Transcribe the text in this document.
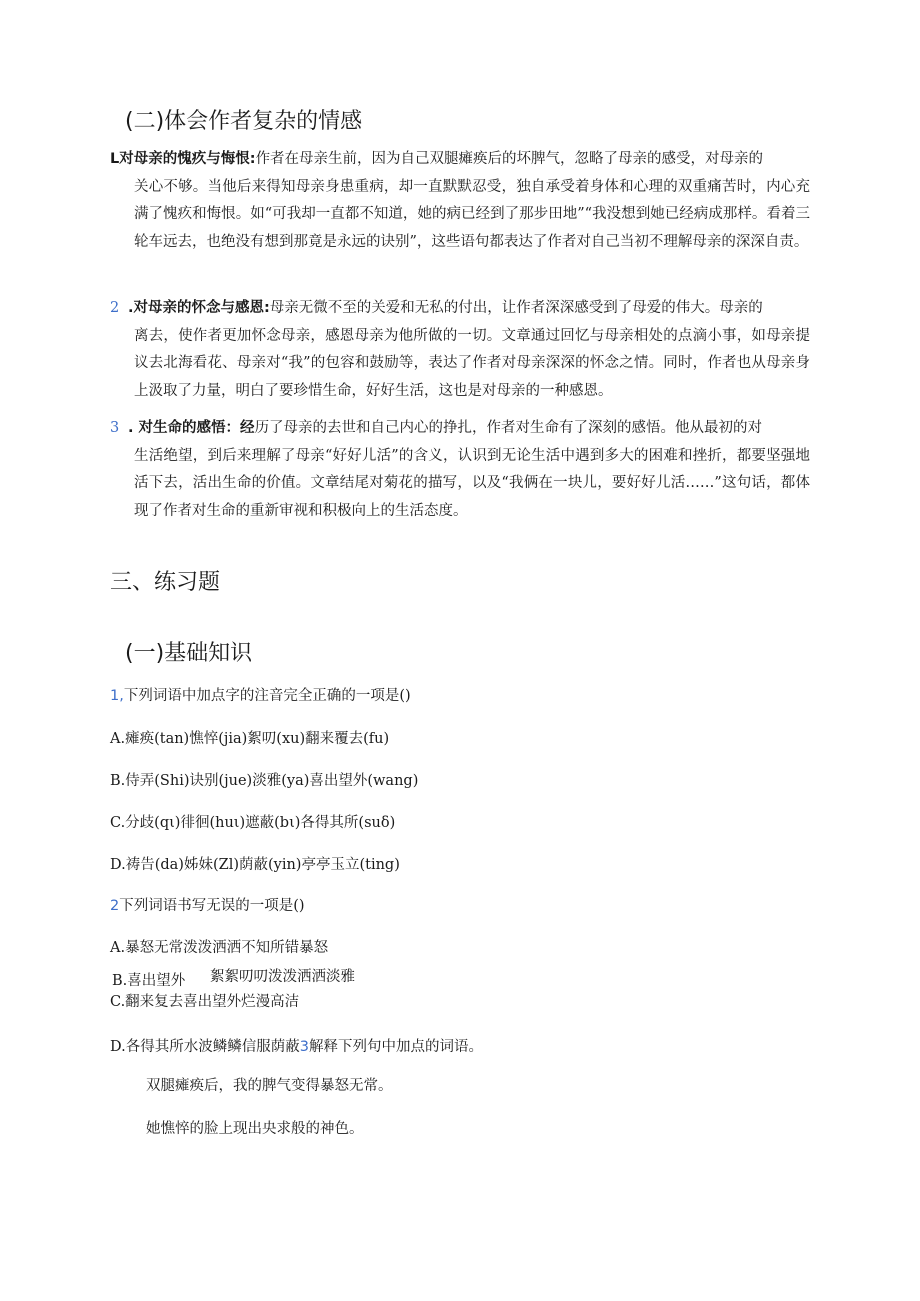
(二)体会作者复杂的情感
L对母亲的愧疚与悔恨:作者在母亲生前，因为自己双腿瘫痪后的坏脾气，忽略了母亲的感受，对母亲的
关心不够。当他后来得知母亲身患重病，却一直默默忍受，独自承受着身体和心理的双重痛苦时，内心充满了愧疚和悔恨。如“可我却一直都不知道，她的病已经到了那步田地”“我没想到她已经病成那样。看着三轮车远去，也绝没有想到那竟是永远的诀别”，这些语句都表达了作者对自己当初不理解母亲的深深自责。
2 .对母亲的怀念与感恩:母亲无微不至的关爱和无私的付出，让作者深深感受到了母爱的伟大。母亲的
离去，使作者更加怀念母亲，感恩母亲为他所做的一切。文章通过回忆与母亲相处的点滴小事，如母亲提议去北海看花、母亲对“我”的包容和鼓励等，表达了作者对母亲深深的怀念之情。同时，作者也从母亲身上汲取了力量，明白了要珍惜生命，好好生活，这也是对母亲的一种感恩。
3 . 对生命的感悟：经历了母亲的去世和自己内心的挣扎，作者对生命有了深刻的感悟。他从最初的对
生活绝望，到后来理解了母亲“好好儿活”的含义，认识到无论生活中遇到多大的困难和挫折，都要坚强地活下去，活出生命的价值。文章结尾对菊花的描写，以及“我俩在一块儿，要好好儿活……”这句话，都体现了作者对生命的重新审视和积极向上的生活态度。
三、练习题
(一)基础知识
1,下列词语中加点字的注音完全正确的一项是()
A.瘫痪(tan)憔悴(jia)絮叨(xu)翻来覆去(fu)
B.侍弄(Shi)诀别(jue)淡雅(ya)喜出望外(wang)
C.分歧(qι)徘徊(huι)遮蔽(bι)各得其所(suδ)
D.祷告(da)姊妹(Zl)荫蔽(yin)亭亭玉立(ting)
2下列词语书写无误的一项是()
A.暴怒无常泼泼洒洒不知所错暴怒
B.喜出望外 絮絮叨叨泼泼洒洒淡雅
C.翻来复去喜出望外烂漫高洁
D.各得其所水波鳞鳞信服荫蔽3解释下列句中加点的词语。
双腿瘫痪后，我的脾气变得暴怒无常。
她憔悴的脸上现出央求般的神色。
